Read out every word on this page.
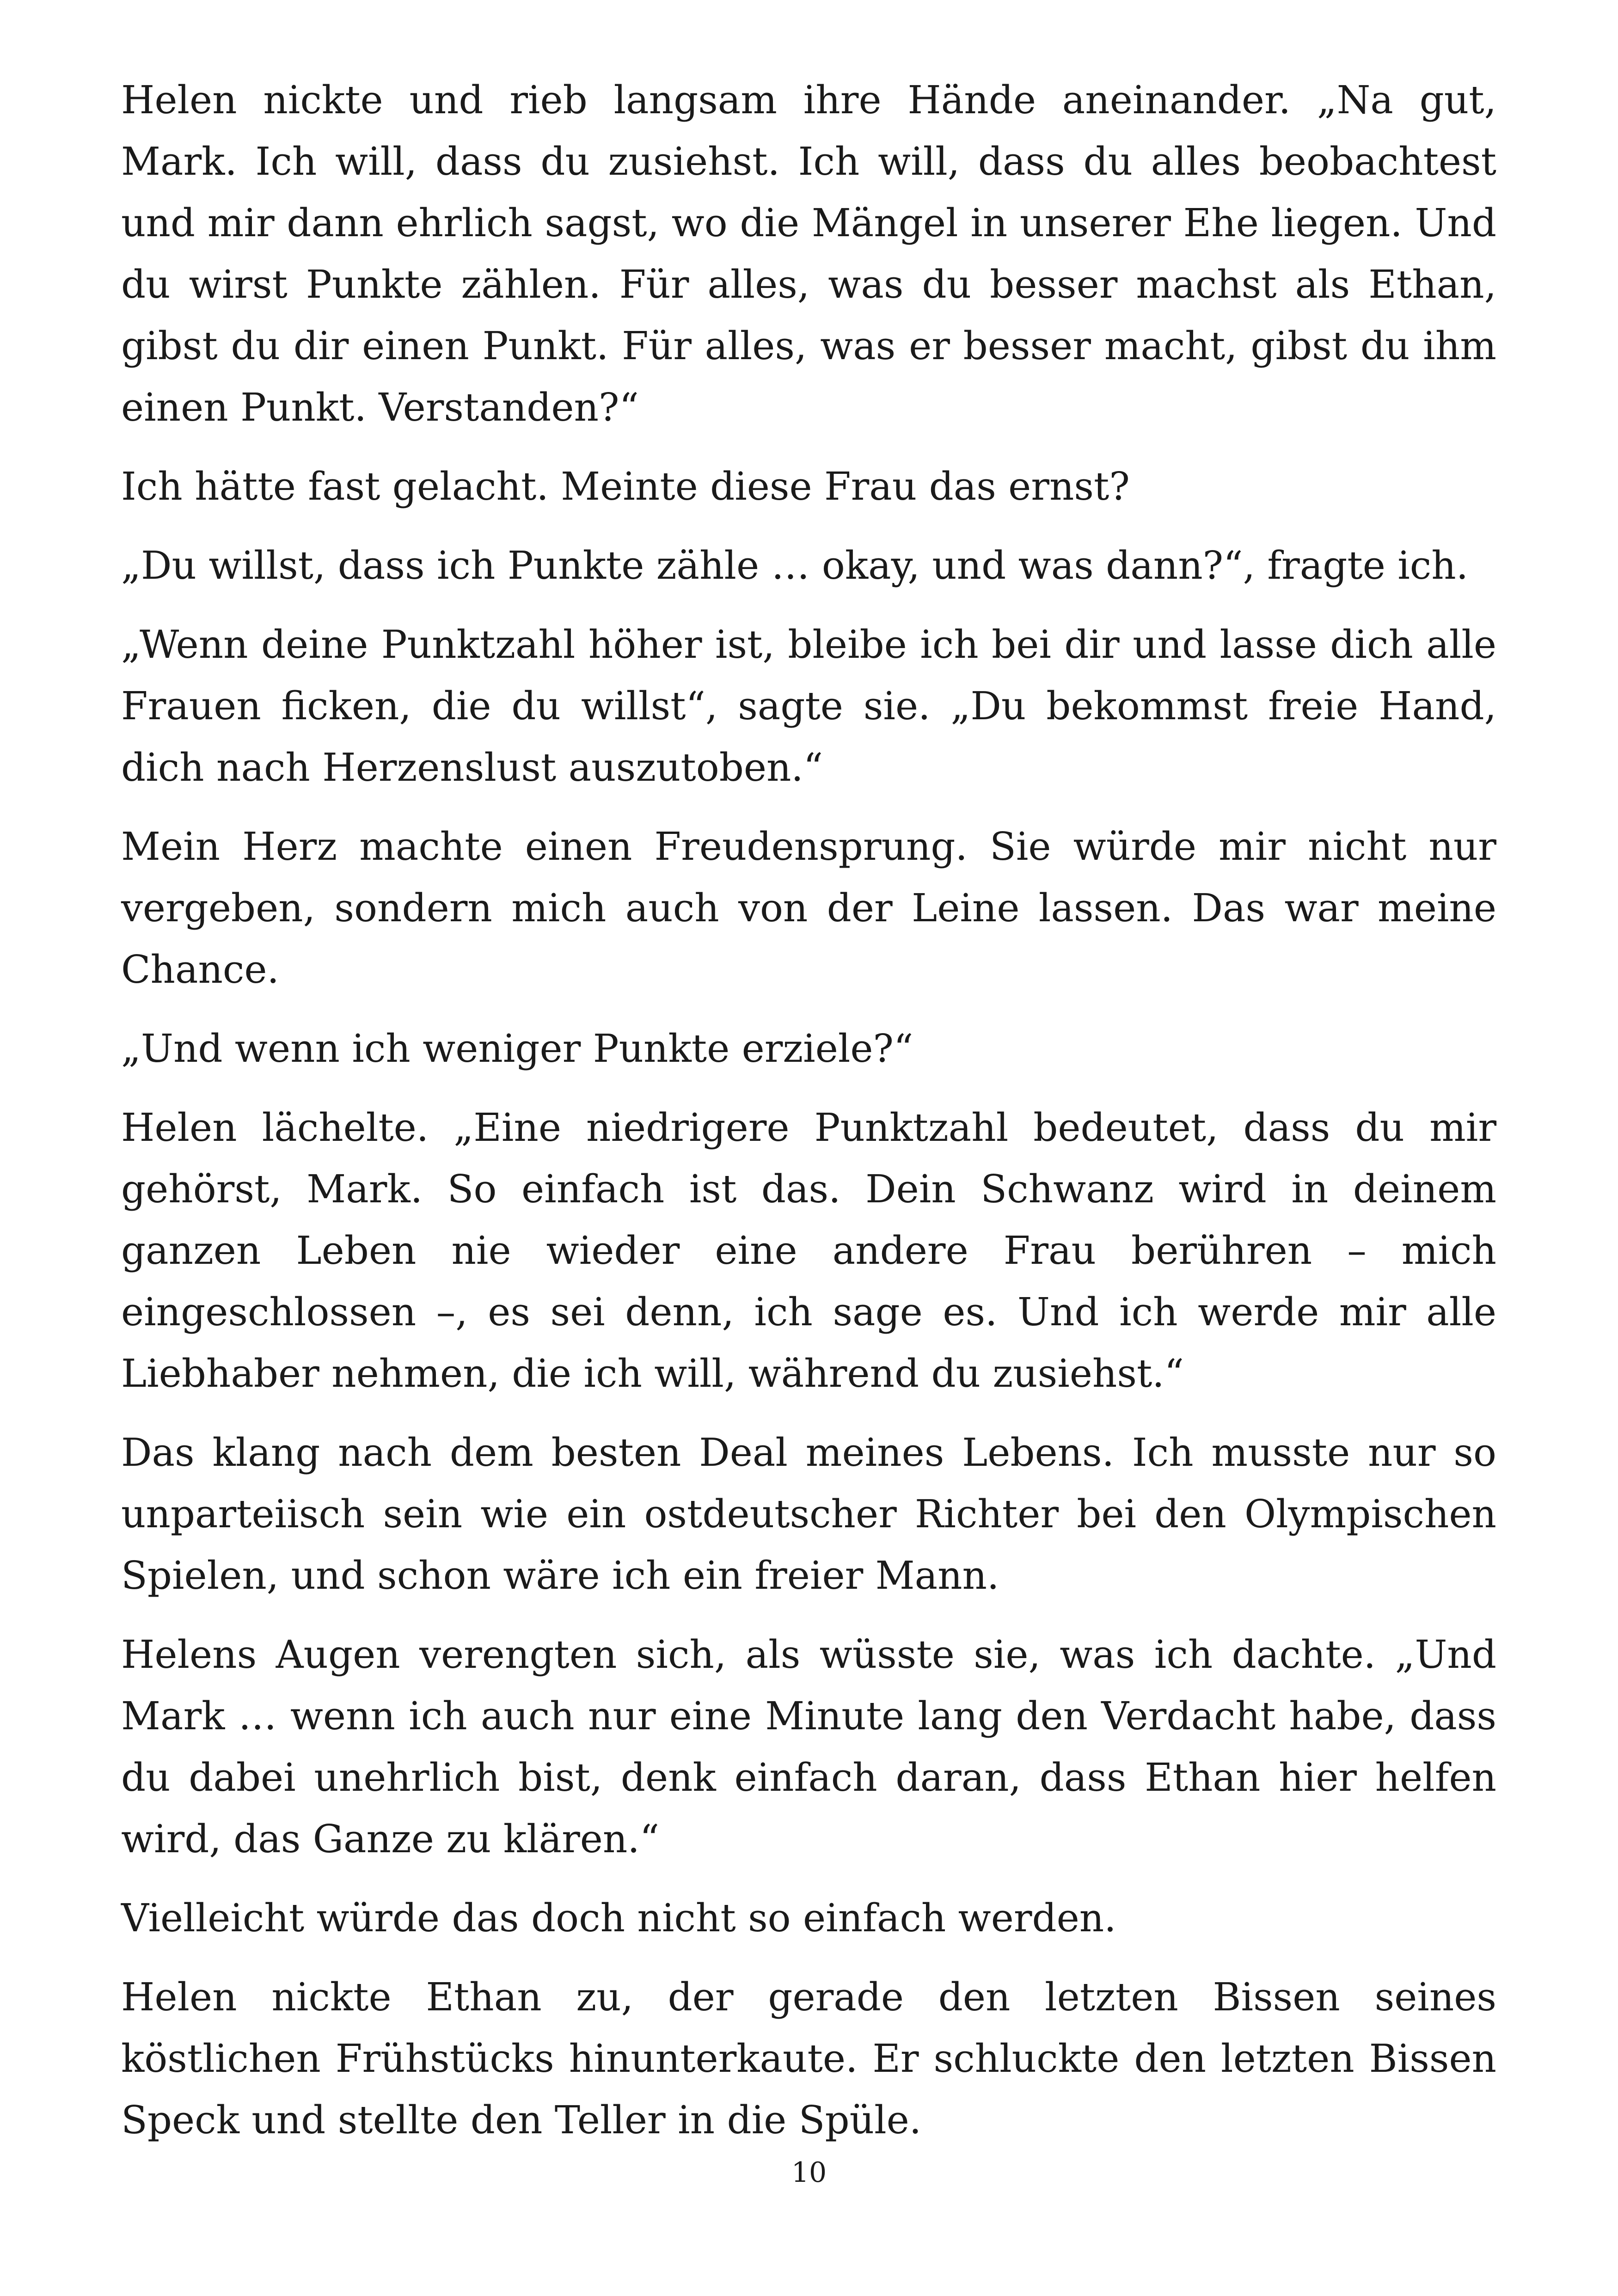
Helen nickte und rieb langsam ihre Hände aneinander. „Na gut, Mark. Ich will, dass du zusiehst. Ich will, dass du alles beobachtest und mir dann ehrlich sagst, wo die Mängel in unserer Ehe liegen. Und du wirst Punkte zählen. Für alles, was du besser machst als Ethan, gibst du dir einen Punkt. Für alles, was er besser macht, gibst du ihm einen Punkt. Verstanden?“

Ich hätte fast gelacht. Meinte diese Frau das ernst?

„Du willst, dass ich Punkte zähle … okay, und was dann?“, fragte ich.

„Wenn deine Punktzahl höher ist, bleibe ich bei dir und lasse dich alle Frauen ficken, die du willst“, sagte sie. „Du bekommst freie Hand, dich nach Herzenslust auszutoben.“

Mein Herz machte einen Freudensprung. Sie würde mir nicht nur vergeben, sondern mich auch von der Leine lassen. Das war meine Chance.

„Und wenn ich weniger Punkte erziele?“

Helen lächelte. „Eine niedrigere Punktzahl bedeutet, dass du mir gehörst, Mark. So einfach ist das. Dein Schwanz wird in deinem ganzen Leben nie wieder eine andere Frau berühren – mich eingeschlossen –, es sei denn, ich sage es. Und ich werde mir alle Liebhaber nehmen, die ich will, während du zusiehst.“

Das klang nach dem besten Deal meines Lebens. Ich musste nur so unparteiisch sein wie ein ostdeutscher Richter bei den Olympischen Spielen, und schon wäre ich ein freier Mann.

Helens Augen verengten sich, als wüsste sie, was ich dachte. „Und Mark … wenn ich auch nur eine Minute lang den Verdacht habe, dass du dabei unehrlich bist, denk einfach daran, dass Ethan hier helfen wird, das Ganze zu klären.“

Vielleicht würde das doch nicht so einfach werden.

Helen nickte Ethan zu, der gerade den letzten Bissen seines köstlichen Frühstücks hinunterkaute. Er schluckte den letzten Bissen Speck und stellte den Teller in die Spüle.

10
